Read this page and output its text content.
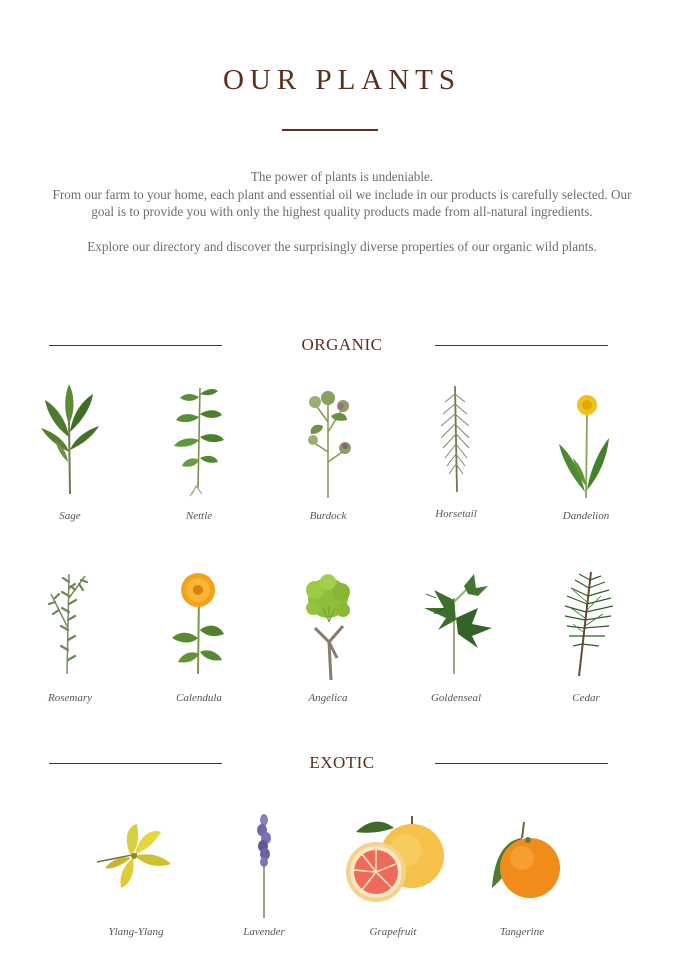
OUR PLANTS

The power of plants is undeniable.

From our farm to your home, each plant and essential oil we include in our products is carefully selected. Our goal is to provide you with only the highest quality products made from all-natural ingredients.

Explore our directory and discover the surprisingly diverse properties of our organic wild plants.

ORGANIC
Sage	Nettle	Burdock	Horsetail	Dandelion
Rosemary	Calendula	Angelica	Goldenseal	Cedar
EXOTIC
Ylang-Ylang	Lavender	Grapefruit	Tangerine
